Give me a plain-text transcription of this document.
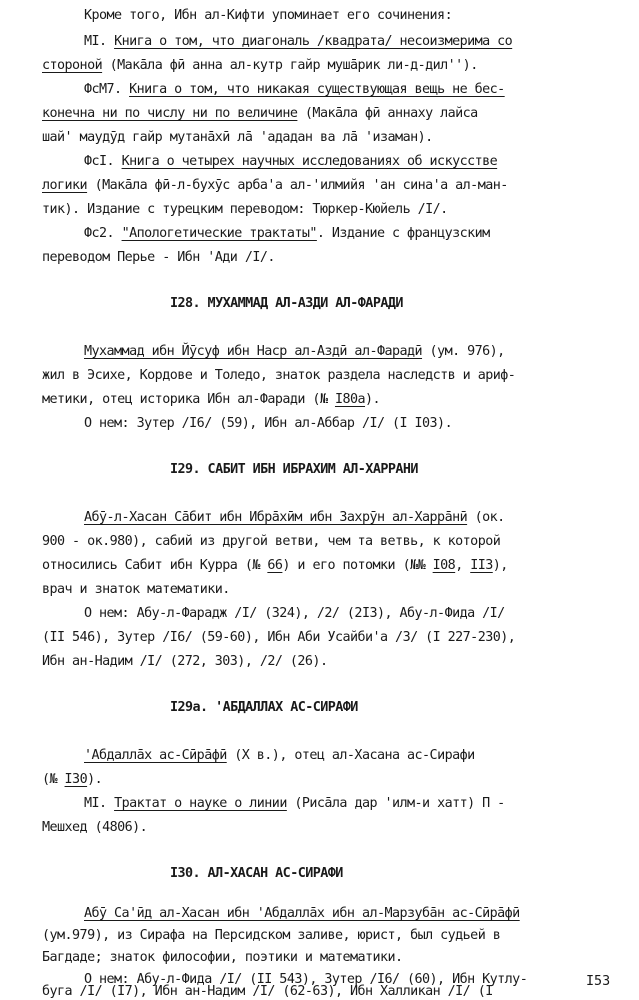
Кроме того, Ибн ал-Кифти упоминает его сочинения:
MI. Книга о том, что диагональ /квадрата/ несоизмерима со
стороной (Макāла фӣ анна ал-кутр гайр мушāрик ли-д-дил'').
ФсМ7. Книга о том, что никакая существующая вещь не бес-
конечна ни по числу ни по величине (Макāла фӣ аннаху лайса
шай' маудӯд гайр мутанāхӣ лā 'ададан ва лā 'изаман).
ФсI. Книга о четырех научных исследованиях об искусстве
логики (Макāла фӣ-л-бухӯс арба'а ал-'илмийя 'ан сина'а ал-ман-
тик). Издание с турецким переводом: Тюркер-Кюйель /I/.
Фс2. "Апологетические трактаты". Издание с французским
переводом Перье - Ибн 'Ади /I/.
I28. МУХАММАД АЛ-АЗДИ АЛ-ФАРАДИ
Мухаммад ибн Йӯсуф ибн Наср ал-Аздӣ ал-Фарадӣ (ум. 976),
жил в Эсихе, Кордове и Толедо, знаток раздела наследств и ариф-
метики, отец историка Ибн ал-Фаради (№ I80а).
О нем: Зутер /I6/ (59), Ибн ал-Аббар /I/ (I I03).
I29. САБИТ ИБН ИБРАХИМ АЛ-ХАРРАНИ
Абӯ-л-Хасан Сāбит ибн Ибрāхӣм ибн Захрӯн ал-Харрāнӣ (ок.
900 - ок.980), сабий из другой ветви, чем та ветвь, к которой
относились Сабит ибн Курра (№ 66) и его потомки (№№ I08, II3),
врач и знаток математики.
О нем: Абу-л-Фарадж /I/ (324), /2/ (2I3), Абу-л-Фида /I/
(II 546), Зутер /I6/ (59-60), Ибн Аби Усайби'а /3/ (I 227-230),
Ибн ан-Надим /I/ (272, 303), /2/ (26).
I29а. 'АБДАЛЛАХ АС-СИРАФИ
'Абдаллāх ас-Сӣрāфӣ (Х в.), отец ал-Хасана ас-Сирафи
(№ I30).
MI. Трактат о науке о линии (Рисāла дар 'илм-и хатт) П -
Мешхед (4806).
I30. АЛ-ХАСАН АС-СИРАФИ
Абӯ Са'ӣд ал-Хасан ибн 'Абдаллāх ибн ал-Марзубāн ас-Сӣрāфӣ
(ум.979), из Сирафа на Персидском заливе, юрист, был судьей в
Багдаде; знаток философии, поэтики и математики.
О нем: Абу-л-Фида /I/ (II 543), Зутер /I6/ (60), Ибн Кутлу-
буга /I/ (I7), Ибн ан-Надим /I/ (62-63), Ибн Халликан /I/ (I
I53
